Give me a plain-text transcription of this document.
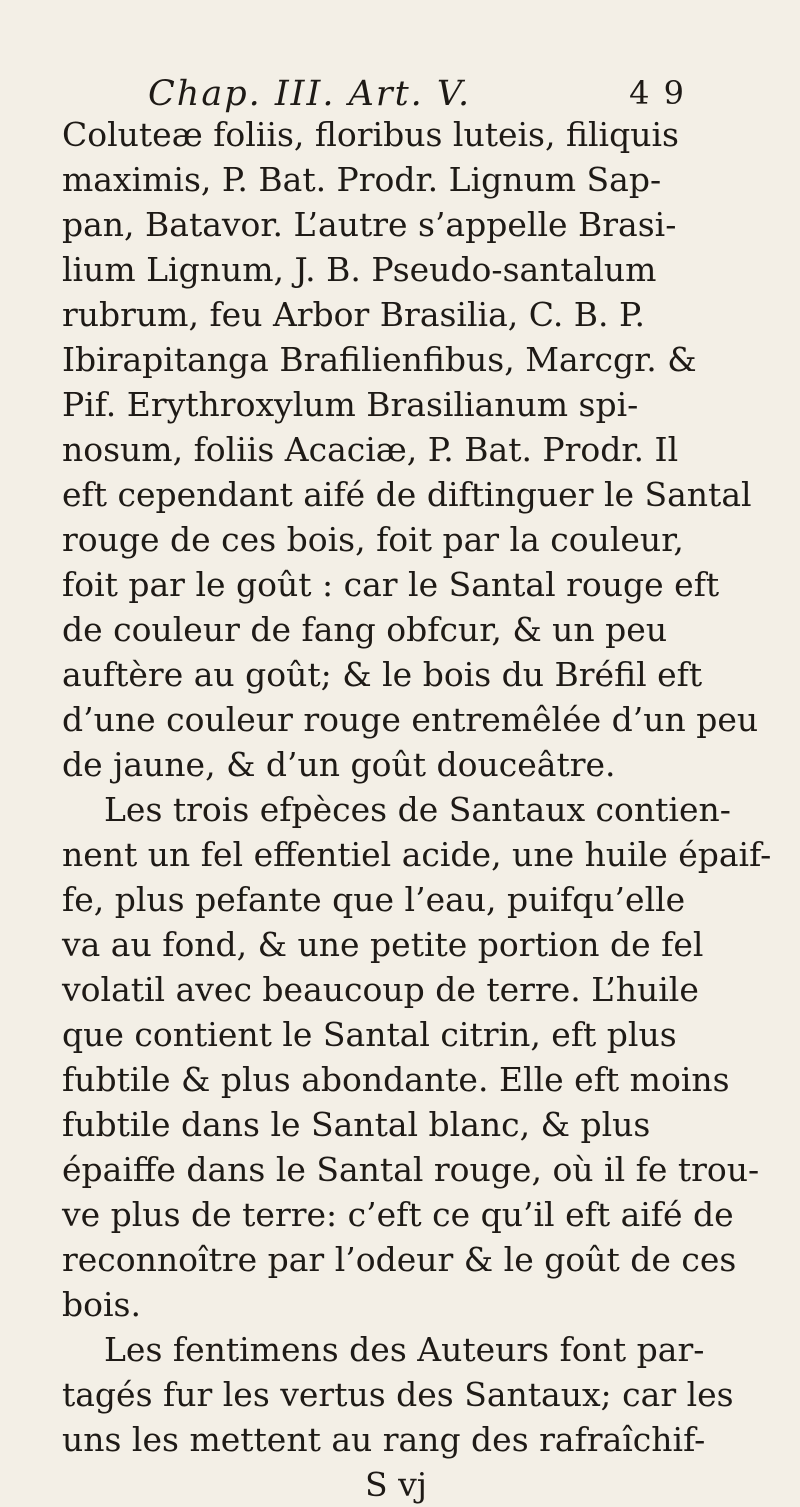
Chap. III. Art. V.	4 9
Coluteæ foliis, floribus luteis, filiquis
maximis, P. Bat. Prodr. Lignum Sap-
pan, Batavor. L’autre s’appelle Brasi-
lium Lignum, J. B. Pseudo-santalum
rubrum, feu Arbor Brasilia, C. B. P.
Ibirapitanga Brafilienfibus, Marcgr. &
Pif. Erythroxylum Brasilianum spi-
nosum, foliis Acaciæ, P. Bat. Prodr. Il
eft cependant aifé de diftinguer le Santal
rouge de ces bois, foit par la couleur,
foit par le goût : car le Santal rouge eft
de couleur de fang obfcur, & un peu
auftère au goût; & le bois du Bréfil eft
d’une couleur rouge entremêlée d’un peu
de jaune, & d’un goût douceâtre.
Les trois efpèces de Santaux contien-
nent un fel effentiel acide, une huile épaif-
fe, plus pefante que l’eau, puifqu’elle
va au fond, & une petite portion de fel
volatil avec beaucoup de terre. L’huile
que contient le Santal citrin, eft plus
fubtile & plus abondante. Elle eft moins
fubtile dans le Santal blanc, & plus
épaiffe dans le Santal rouge, où il fe trou-
ve plus de terre: c’eft ce qu’il eft aifé de
reconnoître par l’odeur & le goût de ces
bois.
Les fentimens des Auteurs font par-
tagés fur les vertus des Santaux; car les
uns les mettent au rang des rafraîchif-
S vj
